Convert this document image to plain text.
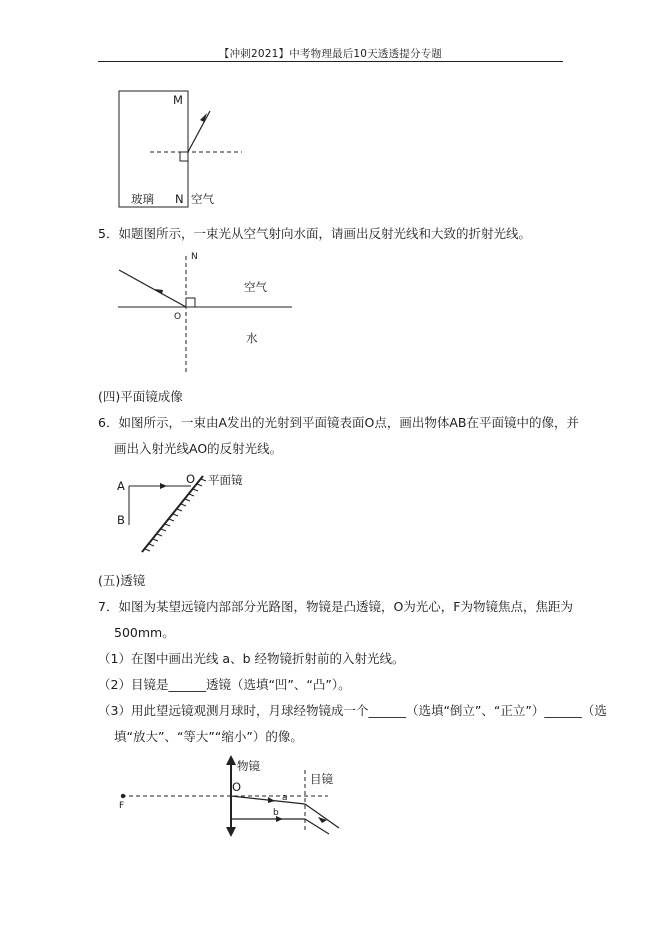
【冲刺2021】中考物理最后10天透透提分专题
M
N
玻璃	空气
5．如题图所示，一束光从空气射向水面，请画出反射光线和大致的折射光线。
N
O
空气
水
(四)平面镜成像
6．如图所示，一束由A发出的光射到平面镜表面O点，画出物体AB在平面镜中的像，并
画出入射光线AO的反射光线。
A
B
O 平面镜
(五)透镜
7．如图为某望远镜内部部分光路图，物镜是凸透镜，O为光心，F为物镜焦点，焦距为
500mm。
（1）在图中画出光线 a、b 经物镜折射前的入射光线。
（2）目镜是______透镜（选填“凹”、“凸”）。
（3）用此望远镜观测月球时，月球经物镜成一个______（选填“倒立”、“正立”）______（选
填“放大”、“等大”“缩小”）的像。
物镜
目镜
O
F
a
b
